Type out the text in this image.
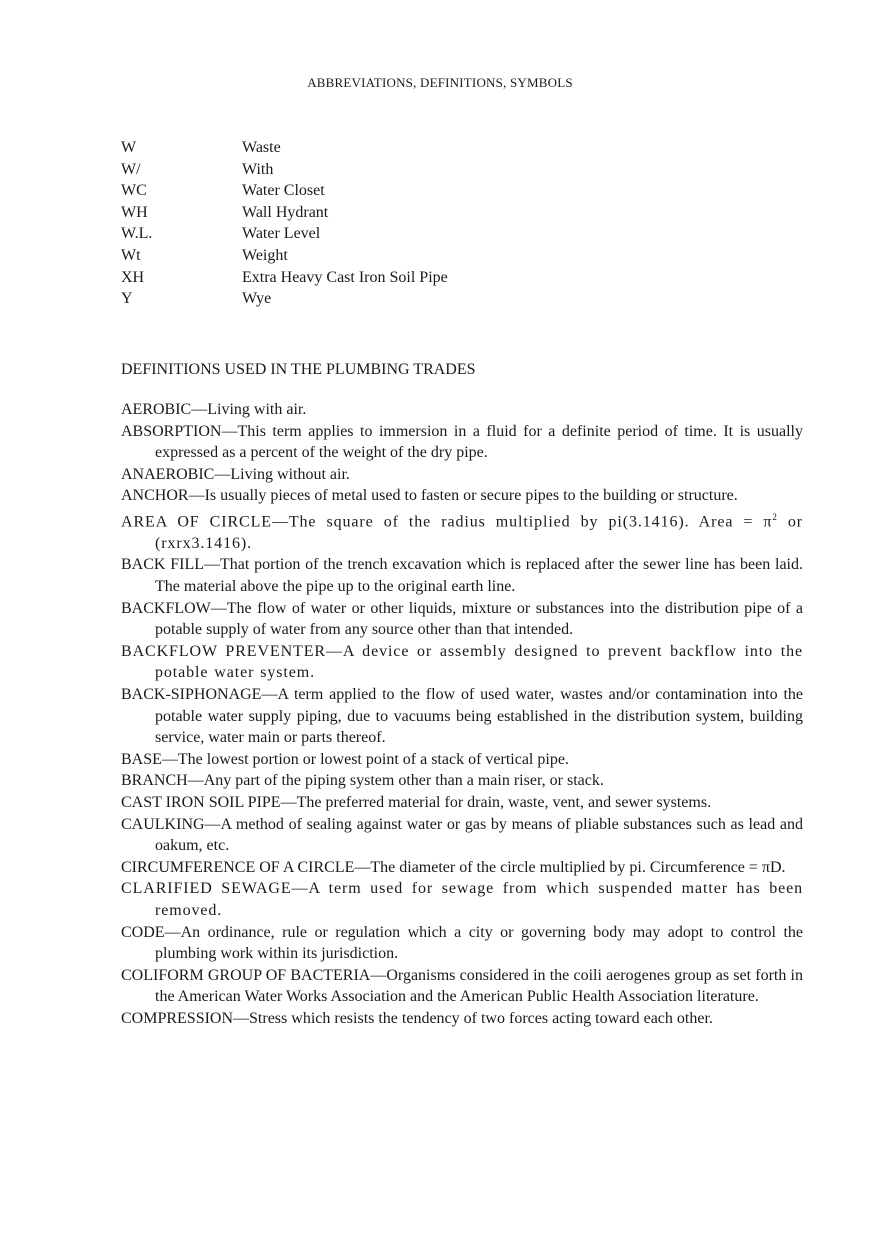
ABBREVIATIONS, DEFINITIONS, SYMBOLS
W	Waste
W/	With
WC	Water Closet
WH	Wall Hydrant
W.L.	Water Level
Wt	Weight
XH	Extra Heavy Cast Iron Soil Pipe
Y	Wye
DEFINITIONS USED IN THE PLUMBING TRADES

AEROBIC—Living with air.

ABSORPTION—This term applies to immersion in a fluid for a definite period of time. It is usually expressed as a percent of the weight of the dry pipe.

ANAEROBIC—Living without air.

ANCHOR—Is usually pieces of metal used to fasten or secure pipes to the building or structure.

AREA OF CIRCLE—The square of the radius multiplied by pi(3.1416). Area = $\pi^2$ or (rxrx3.1416).

BACK FILL—That portion of the trench excavation which is replaced after the sewer line has been laid. The material above the pipe up to the original earth line.

BACKFLOW—The flow of water or other liquids, mixture or substances into the distribution pipe of a potable supply of water from any source other than that intended.

BACKFLOW PREVENTER—A device or assembly designed to prevent backflow into the potable water system.

BACK-SIPHONAGE—A term applied to the flow of used water, wastes and/or contamination into the potable water supply piping, due to vacuums being established in the distribution system, building service, water main or parts thereof.

BASE—The lowest portion or lowest point of a stack of vertical pipe.

BRANCH—Any part of the piping system other than a main riser, or stack.

CAST IRON SOIL PIPE—The preferred material for drain, waste, vent, and sewer systems.

CAULKING—A method of sealing against water or gas by means of pliable substances such as lead and oakum, etc.

CIRCUMFERENCE OF A CIRCLE—The diameter of the circle multiplied by pi. Circumference = πD.

CLARIFIED SEWAGE—A term used for sewage from which suspended matter has been removed.

CODE—An ordinance, rule or regulation which a city or governing body may adopt to control the plumbing work within its jurisdiction.

COLIFORM GROUP OF BACTERIA—Organisms considered in the coili aerogenes group as set forth in the American Water Works Association and the American Public Health Association literature.

COMPRESSION—Stress which resists the tendency of two forces acting toward each other.
